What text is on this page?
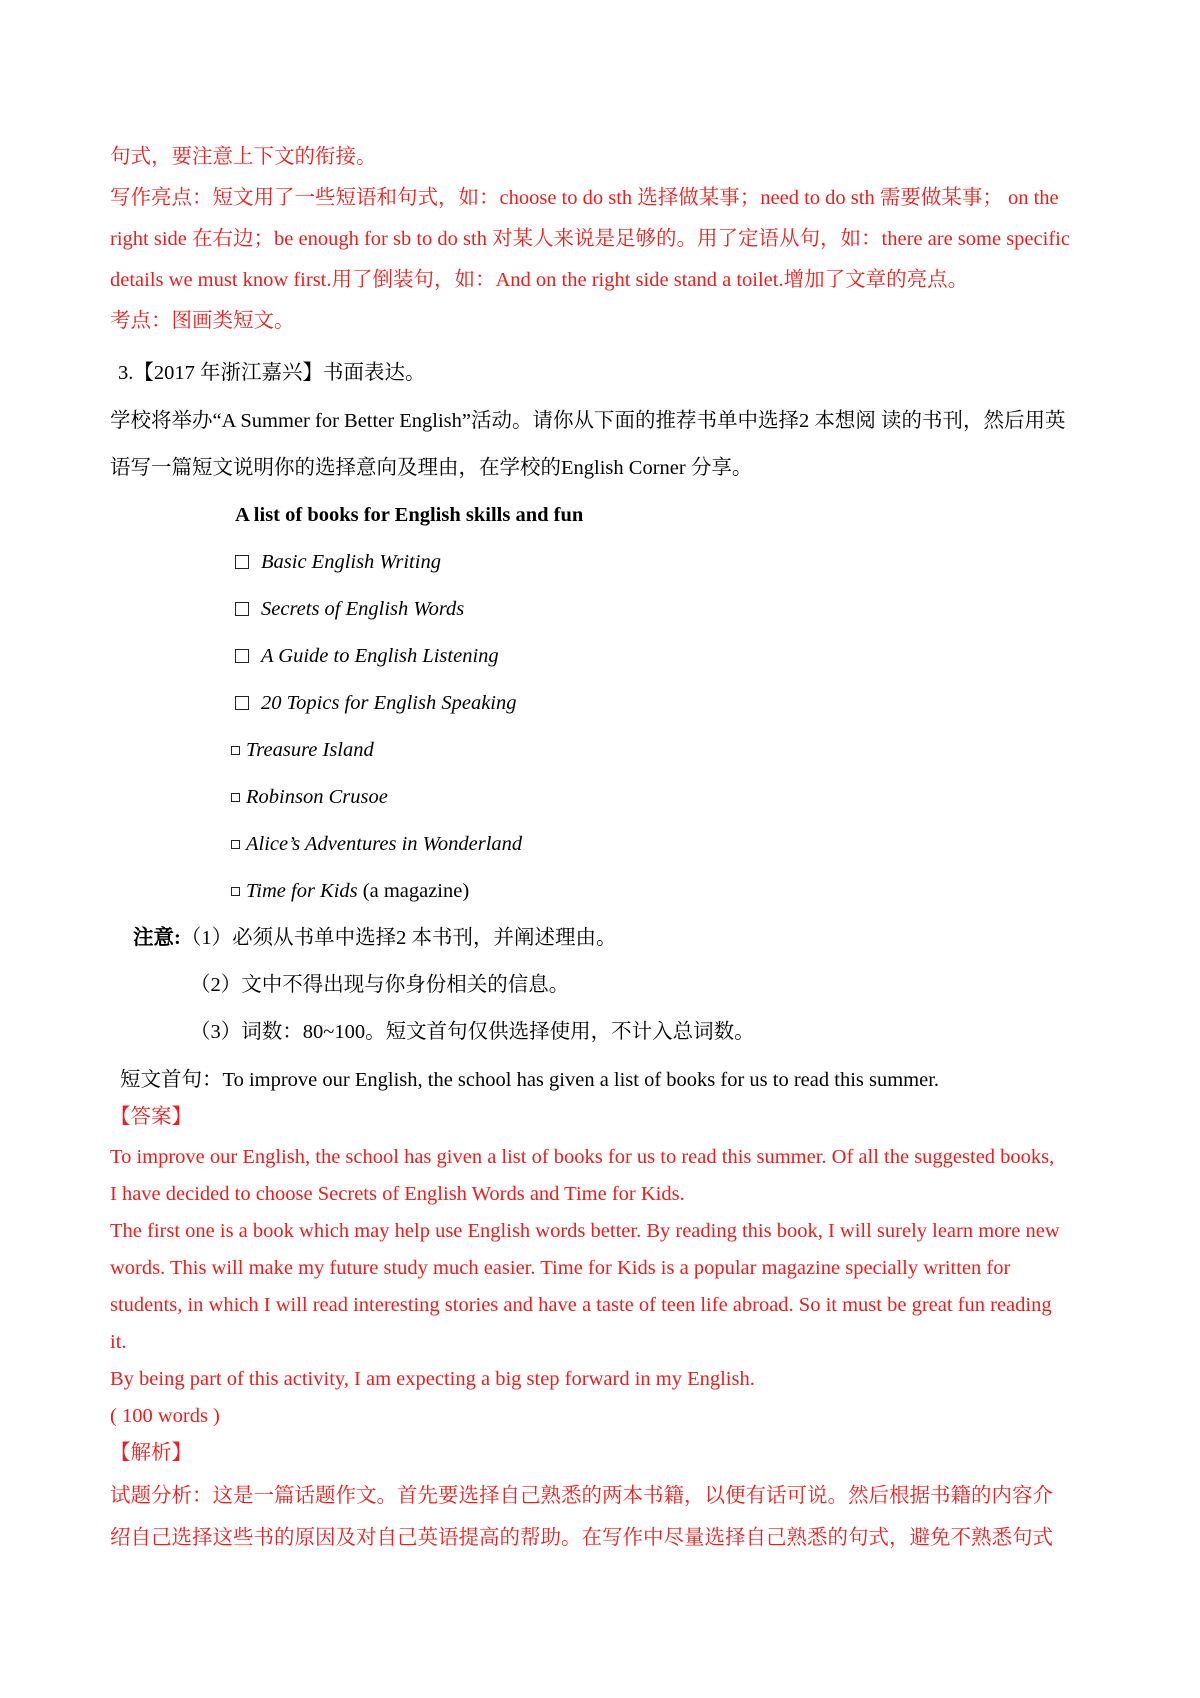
句式，要注意上下文的衔接。
写作亮点：短文用了一些短语和句式，如：choose to do sth 选择做某事；need to do sth 需要做某事； on the
right side 在右边；be enough for sb to do sth 对某人来说是足够的。用了定语从句，如：there are some specific
details we must know first.用了倒装句，如：And on the right side stand a toilet.增加了文章的亮点。
考点：图画类短文。
3.【2017 年浙江嘉兴】书面表达。
学校将举办“A Summer for Better English”活动。请你从下面的推荐书单中选择2 本想阅 读的书刊，然后用英
语写一篇短文说明你的选择意向及理由，在学校的English Corner 分享。
A list of books for English skills and fun
Basic English Writing
Secrets of English Words
A Guide to English Listening
20 Topics for English Speaking
Treasure Island
Robinson Crusoe
Alice’s Adventures in Wonderland
Time for Kids (a magazine)
注意:（1）必须从书单中选择2 本书刊，并阐述理由。
（2）文中不得出现与你身份相关的信息。
（3）词数：80~100。短文首句仅供选择使用，不计入总词数。
短文首句：To improve our English, the school has given a list of books for us to read this summer.
【答案】
To improve our English, the school has given a list of books for us to read this summer. Of all the suggested books,
I have decided to choose Secrets of English Words and Time for Kids.
The first one is a book which may help use English words better. By reading this book, I will surely learn more new
words. This will make my future study much easier. Time for Kids is a popular magazine specially written for
students, in which I will read interesting stories and have a taste of teen life abroad. So it must be great fun reading
it.
By being part of this activity, I am expecting a big step forward in my English.
( 100 words )
【解析】
试题分析：这是一篇话题作文。首先要选择自己熟悉的两本书籍，以便有话可说。然后根据书籍的内容介
绍自己选择这些书的原因及对自己英语提高的帮助。在写作中尽量选择自己熟悉的句式，避免不熟悉句式
